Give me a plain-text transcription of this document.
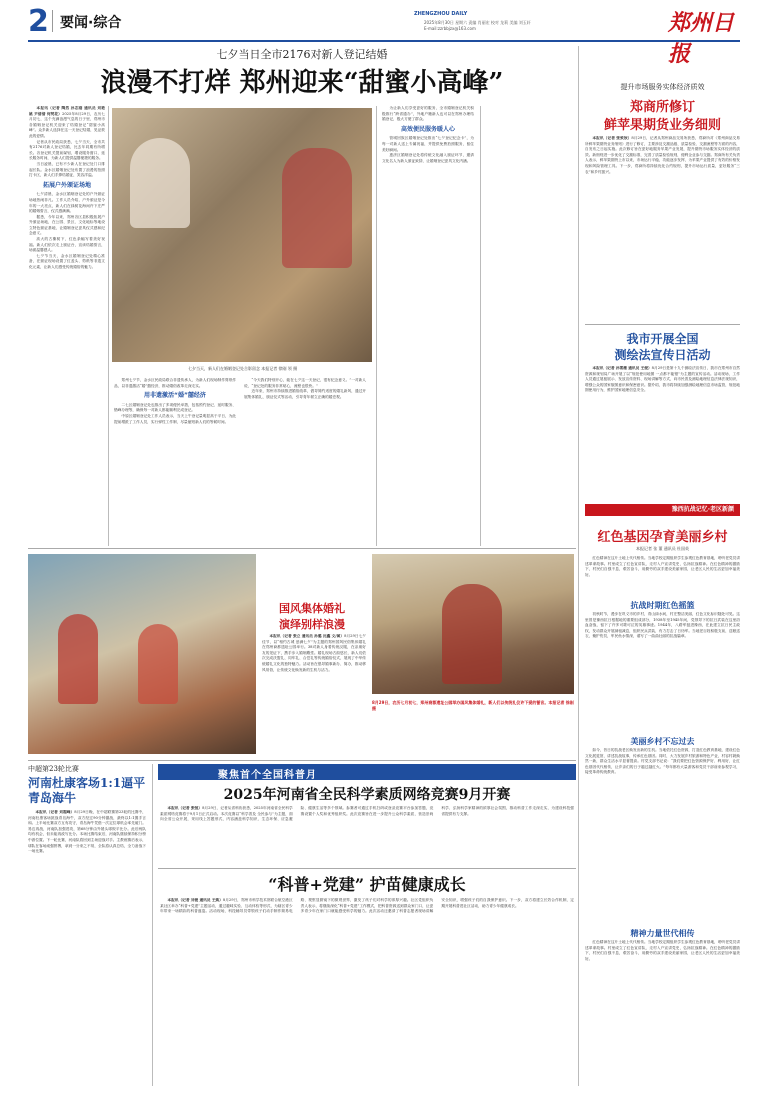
2 要闻·综合
ZHENGZHOU DAILY
2025年8月30日 星期六 责编 肖丽宏 校对 龙莉 美编 刘玉轩
E-mail:zzrbbjzx@163.com	郑州日报
七夕当日全市2176对新人登记结婚
浪漫不打烊 郑州迎来“甜蜜小高峰”

本报讯（记者 陶然 孙志刚 通讯员 刘艳 姚 尹倩倩 何梵花）2025年8月29日，农历七月初七，这个充满浪漫气息的日子里，郑州市各婚姻登记机关迎来了结婚登记“甜蜜小高峰”。众多新人选择在这一天登记结婚，见证彼此的爱情。

记者从市民政局获悉，七夕当天，全市共有2176对新人登记结婚，比去年同期有所增长。各登记机关提前谋划，增设服务窗口，延长服务时间，为新人们提供温馨便捷的服务。

当日凌晨，已有不少新人在登记处门口排起长队。金水区婚姻登记处布置了浪漫的拍照打卡区，新人们手捧结婚证，笑容洋溢。

拓展户外颁证场地

七夕清晨，金水区婚姻登记处的户外颁证场地热闹非凡。工作人员介绍，户外颁证是今年的一大亮点，新人们在绿树花海间许下庄严的婚姻誓言，仪式感满满。

据悉，今年以来，郑州各区县积极拓展户外颁证场地，在公园、景区、文化地标等地设立特色颁证基地，让婚姻登记更具仪式感和纪念意义。

高大的古榭树下，红色条幅写着美好祝福。新人们依次走上颁证台，宣读结婚誓言，场面温馨感人。

七夕节当天，金水区婚姻登记处精心准备，在颁证现场设置了红盖头、剪纸等非遗文化元素，让新人们感受传统婚俗的魅力。

七夕当天，新人们在婚姻登记处合影留念 本报记者 徐刚 领 摄

郑州七夕节，金水区民政局联合非遗传承人，为新人们现场制作剪纸作品，以非遗激活“婚”囍经济，推动婚俗改革走深走实。

用非遗激活“婚”囍经济

二七区婚姻登记处也推出了多项便民举措，包括预约登记、延时服务、错峰办理等，确保每一对新人都能顺利完成登记。

中原区婚姻登记处工作人员表示，当天上午登记量明显高于平日，为此提前增派了工作人员，实行弹性工作制，尽量缩短新人们的等候时间。

“今天我们特别开心，能在七夕这一天登记，很有纪念意义。”一对新人说，“登记处的服务非常贴心，流程也很快。”

近年来，郑州市持续推进婚俗改革，倡导简约适度的婚礼新风，通过开展集体婚礼、颁证仪式等活动，引导青年树立正确的婚恋观。

为让新人们享受更好的服务，全市婚姻登记机关积极推行“跨省通办”，外地户籍新人也可以在郑州办理结婚登记，极大方便了群众。

高效便民服务暖人心

管城回族区婚姻登记处推出“七夕登记纪念卡”，为每一对新人送上专属祝福，并提供免费拍照服务，留住美好瞬间。

惠济区婚姻登记处将传统文化融入颁证环节，邀请文化名人为新人颁证致辞，让婚姻登记更具文化内涵。

提升市场服务实体经济质效
郑商所修订
鲜苹果期货业务细则

本报讯（记者 张致欣）8月29日，记者从郑州商品交易所获悉，郑商所对《郑州商品交易所鲜苹果期货业务细则》进行了修订，主要涉及交割品级、质量检验、交割流程等方面的内容，自发布之日起实施。此次修订旨在更好地服务苹果产业发展，提升期货市场服务实体经济的质效。新细则进一步优化了交割标准，完善了质量检验规则，便利企业参与交割。郑商所有关负责人表示，鲜苹果期货上市以来，市场运行平稳，功能逐步发挥，为苹果产业提供了有效的价格发现和风险管理工具。下一步，郑商所将持续优化合约规则，提升市场运行质量，更好服务“三农”和乡村振兴。

我市开展全国
测绘法宣传日活动

本报讯（记者 孙雪薇 通讯员 王俊）8月29日是第十九个测绘法宣传日，我市在郑州市自然资源和规划局广场开展了以“规范使用地图 一点都不能错”为主题的宣传活动。活动现场，工作人员通过展板展示、发放宣传资料、现场讲解等方式，向市民普及测绘地理信息法律法规知识，增强公众的国家版图意识和保密意识。据介绍，我市将持续加强测绘地理信息市场监管，规范地图使用行为，维护国家地理信息安全。

豫西抗战记忆·老区新颜
红色基因孕育美丽乡村
本报记者 张 董 通讯员 杜国英

红色精神在这片土地上代代相传。当地学校定期组织学生参观红色教育基地，聆听老党员讲述革命故事。村里成立了红色宣讲队，走村入户宣讲党史，弘扬抗战精神。在红色精神的激励下，村民们自强不息，艰苦奋斗，用勤劳的双手建设美丽家园，让老区人民的生活更加幸福美好。

抗战时期红色摇篮

初秋时节，漫步在巩义市的乡村，青山绿水间，村庄整洁美丽，红色文化标识随处可见。这里曾是豫西抗日根据地的重要组成部分，1938年至1945年间，党领导下的抗日武装在这里浴血奋战，留下了许多可歌可泣的英雄事迹。1944年，八路军挺进豫西，在此建立抗日民主政权，发动群众开展减租减息，组织民兵武装，有力打击了日伪军。当地老百姓积极支前，送粮送衣，掩护伤员，军民鱼水情深，谱写了一曲曲壮丽的抗战篇章。

美丽乡村不忘过去

如今，昔日的抗战老区焕发出新的生机。当地依托红色资源，打造红色教育基地，建设红色文化展览馆，讲述抗战故事，传承红色基因。同时，大力发展乡村旅游和特色产业，村容村貌焕然一新，群众生活水平显著提高。村党支部书记说：“我们要把红色资源保护好、利用好，让红色基因代代相传，让乡亲们的日子越过越红火。”每年都有大量游客和党员干部前来参观学习，接受革命传统教育。

精神力量世代相传

红色精神在这片土地上代代相传。当地学校定期组织学生参观红色教育基地，聆听老党员讲述革命故事。村里成立了红色宣讲队，走村入户宣讲党史，弘扬抗战精神。在红色精神的激励下，村民们自强不息，艰苦奋斗，用勤劳的双手建设美丽家园，让老区人民的生活更加幸福美好。

国风集体婚礼
演绎别样浪漫

本报讯（记者 张立 通讯员 孙璐 沈鑫 文/图）8月29日七夕佳节，以“相约古城 爱满七夕”为主题的郑州国风民俗集体婚礼在郑州商都遗址公园举行。38对新人身着传统汉服，在亲朋好友的见证下，携手步入婚姻殿堂。婚礼现场古韵悠长，新人们依次完成沃盥礼、同牢礼、合卺礼等传统婚俗仪式，展现了中华传统婚礼文化的独特魅力。活动旨在倡导婚事新办、简办，推动移风易俗，让传统文化焕发新的生机与活力。

8月29日，农历七月初七，郑州商都遗址公园举办国风集体婚礼，新人们以传统礼仪许下爱的誓言。本报记者 徐刚 摄
中超第23轮比赛
河南杜康客场1:1逼平青岛海牛

本报讯（记者 刘超峰）8月29日晚，在中超联赛第23轮的比赛中，河南杜康客场挑战青岛海牛，双方经过90分钟激战，最终以1:1握手言和。上半场比赛双方互有攻守，青岛海牛凭借一次定位球机会率先破门。易边再战，河南队加强进攻，第68分钟由外援头球扳平比分。此后两队均有机会，但未能再改写比分。本场比赛结束后，河南队继续保持积分榜中游位置。下一轮比赛，河南队将回到主场迎战对手。主教练赛后表示，球队在客场顽强拼搏，拿到一分来之不易，全队将认真总结，全力备战下一场比赛。

聚焦首个全国科普月
2025年河南省全民科学素质网络竞赛9月开赛

本报讯（记者 张弛）8月29日，记者从省科协获悉，2025年河南省全民科学素质网络竞赛将于9月1日正式启动。本次竞赛以“科学普及 全民参与”为主题，面向全省公众开展，采用线上答题形式，内容涵盖科学知识、生态环保、应急避险、健康生活等多个领域。参赛者可通过手机扫码或登录竞赛平台参加答题，竞赛设置个人奖和优秀组织奖。此次竞赛旨在进一步提升公众科学素质，营造崇尚科学、弘扬科学家精神的浓厚社会氛围，推动科普工作走深走实，为建设科技强省提供有力支撑。

“科普+党建” 护苗健康成长

本报讯（记者 刘俊 通讯员 王焕）8月29日，郑州市科学技术馆联合航空港区某社区举办“科普+党建”主题活动，通过趣味实验、互动体验等形式，为辖区青少年带来一场精彩的科普盛宴。活动现场，科技辅导员带领孩子们动手制作简易电路、观察显微镜下的微观世界，激发了孩子们对科学的浓厚兴趣。社区党组织负责人表示，将继续深化“科普+党建”工作模式，把科普资源送到群众家门口，让更多青少年在家门口就能感受科学的魅力。此次活动还邀请了科普志愿者现场讲解安全知识，增强孩子们的自我保护意识。下一步，双方将建立长效合作机制，定期开展科普进社区活动，助力青少年健康成长。
